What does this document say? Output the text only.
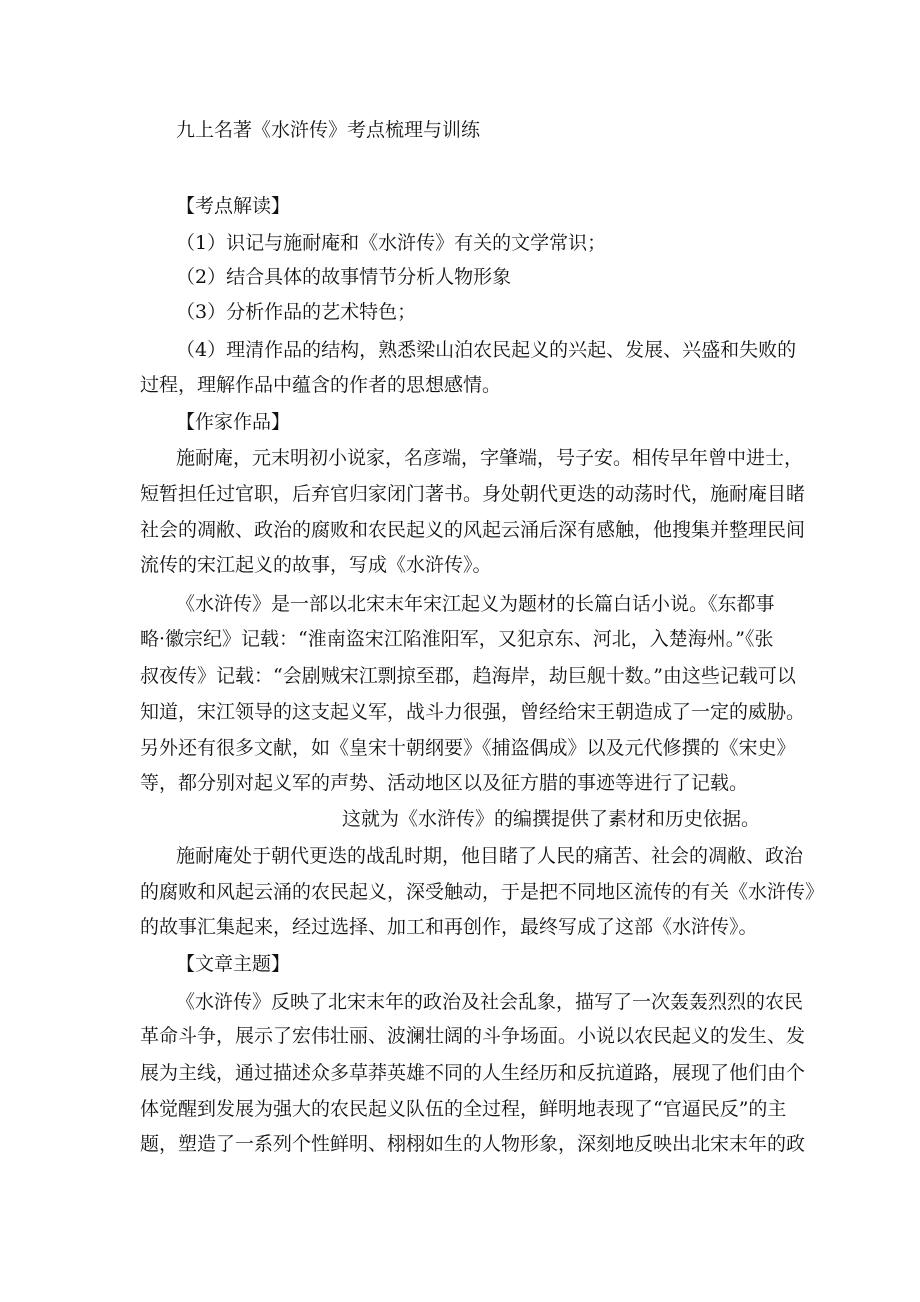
九上名著《水浒传》考点梳理与训练
【考点解读】
（1）识记与施耐庵和《水浒传》有关的文学常识；
（2）结合具体的故事情节分析人物形象
（3）分析作品的艺术特色；
（4）理清作品的结构，熟悉梁山泊农民起义的兴起、发展、兴盛和失败的
过程，理解作品中蕴含的作者的思想感情。
【作家作品】
施耐庵，元末明初小说家，名彦端，字肇端，号子安。相传早年曾中进士，
短暂担任过官职，后弃官归家闭门著书。身处朝代更迭的动荡时代，施耐庵目睹
社会的凋敝、政治的腐败和农民起义的风起云涌后深有感触，他搜集并整理民间
流传的宋江起义的故事，写成《水浒传》。
《水浒传》是一部以北宋末年宋江起义为题材的长篇白话小说。《东都事
略·徽宗纪》记载：“淮南盗宋江陷淮阳军，又犯京东、河北，入楚海州。”《张
叔夜传》记载：“会剧贼宋江剽掠至郡，趋海岸，劫巨舰十数。”由这些记载可以
知道，宋江领导的这支起义军，战斗力很强，曾经给宋王朝造成了一定的威胁。
另外还有很多文献，如《皇宋十朝纲要》《捕盗偶成》以及元代修撰的《宋史》
等，都分别对起义军的声势、活动地区以及征方腊的事迹等进行了记载。
这就为《水浒传》的编撰提供了素材和历史依据。
施耐庵处于朝代更迭的战乱时期，他目睹了人民的痛苦、社会的凋敝、政治
的腐败和风起云涌的农民起义，深受触动，于是把不同地区流传的有关《水浒传》
的故事汇集起来，经过选择、加工和再创作，最终写成了这部《水浒传》。
【文章主题】
《水浒传》反映了北宋末年的政治及社会乱象，描写了一次轰轰烈烈的农民
革命斗争，展示了宏伟壮丽、波澜壮阔的斗争场面。小说以农民起义的发生、发
展为主线，通过描述众多草莽英雄不同的人生经历和反抗道路，展现了他们由个
体觉醒到发展为强大的农民起义队伍的全过程，鲜明地表现了“官逼民反”的主
题，塑造了一系列个性鲜明、栩栩如生的人物形象，深刻地反映出北宋末年的政
